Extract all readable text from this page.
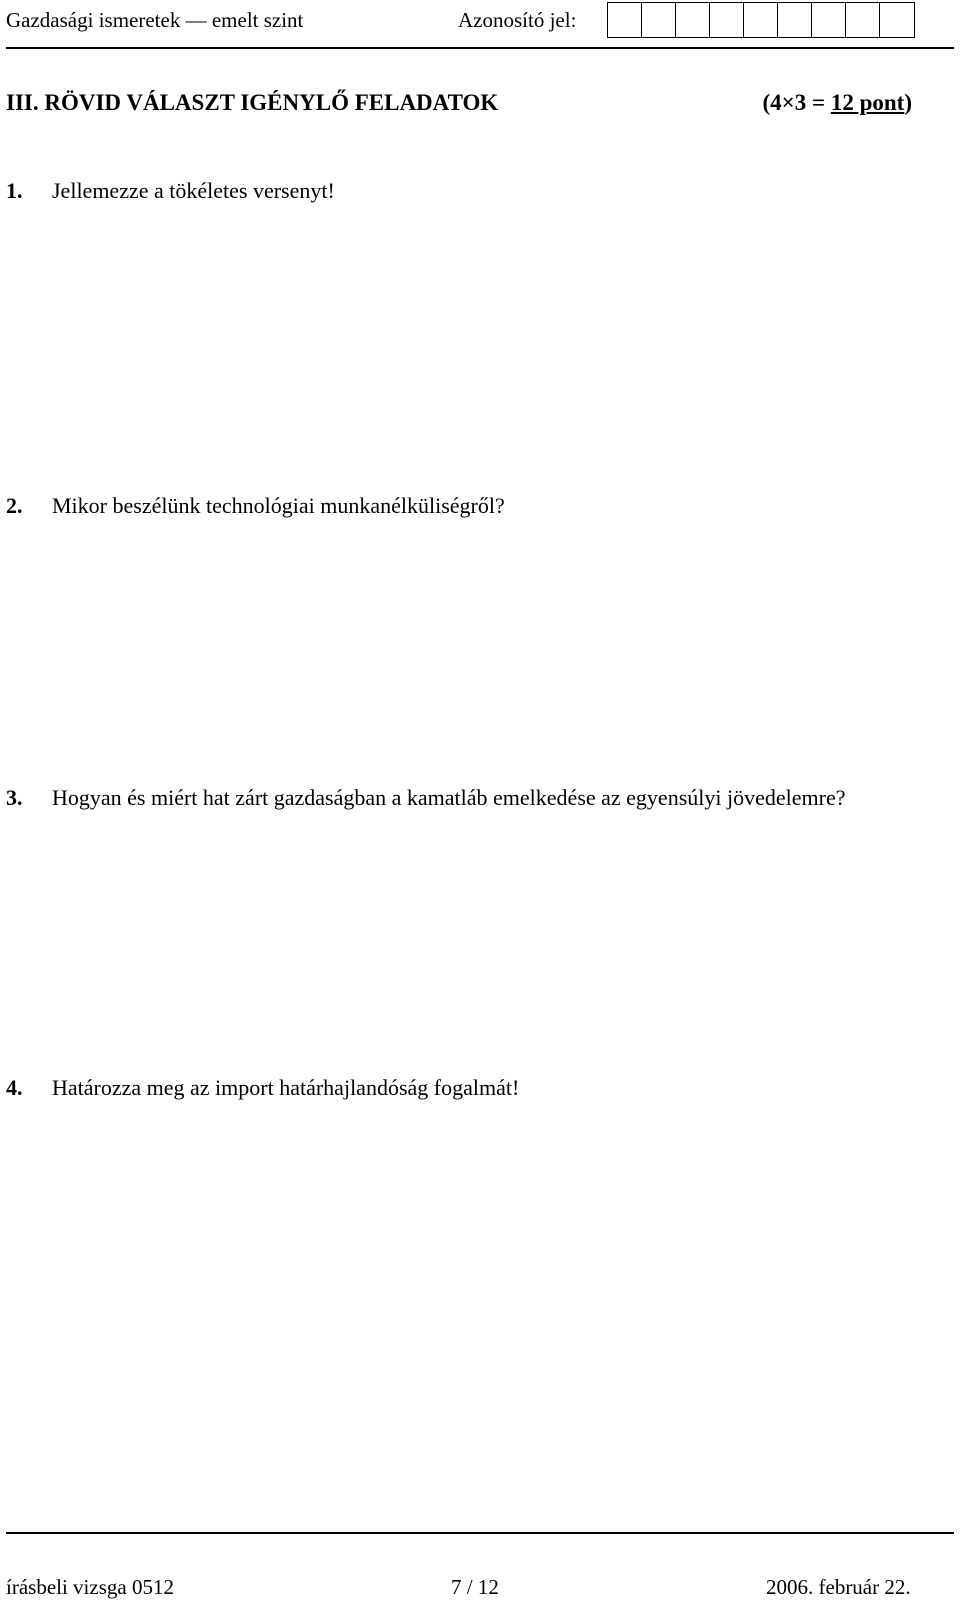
Gazdasági ismeretek — emelt szint	Azonosító jel:
III. RÖVID VÁLASZT IGÉNYLŐ FELADATOK	(4×3 = 12 pont)
1. Jellemezze a tökéletes versenyt!
2. Mikor beszélünk technológiai munkanélküliségről?
3. Hogyan és miért hat zárt gazdaságban a kamatláb emelkedése az egyensúlyi jövedelemre?
4. Határozza meg az import határhajlandóság fogalmát!
írásbeli vizsga 0512	7 / 12	2006. február 22.
